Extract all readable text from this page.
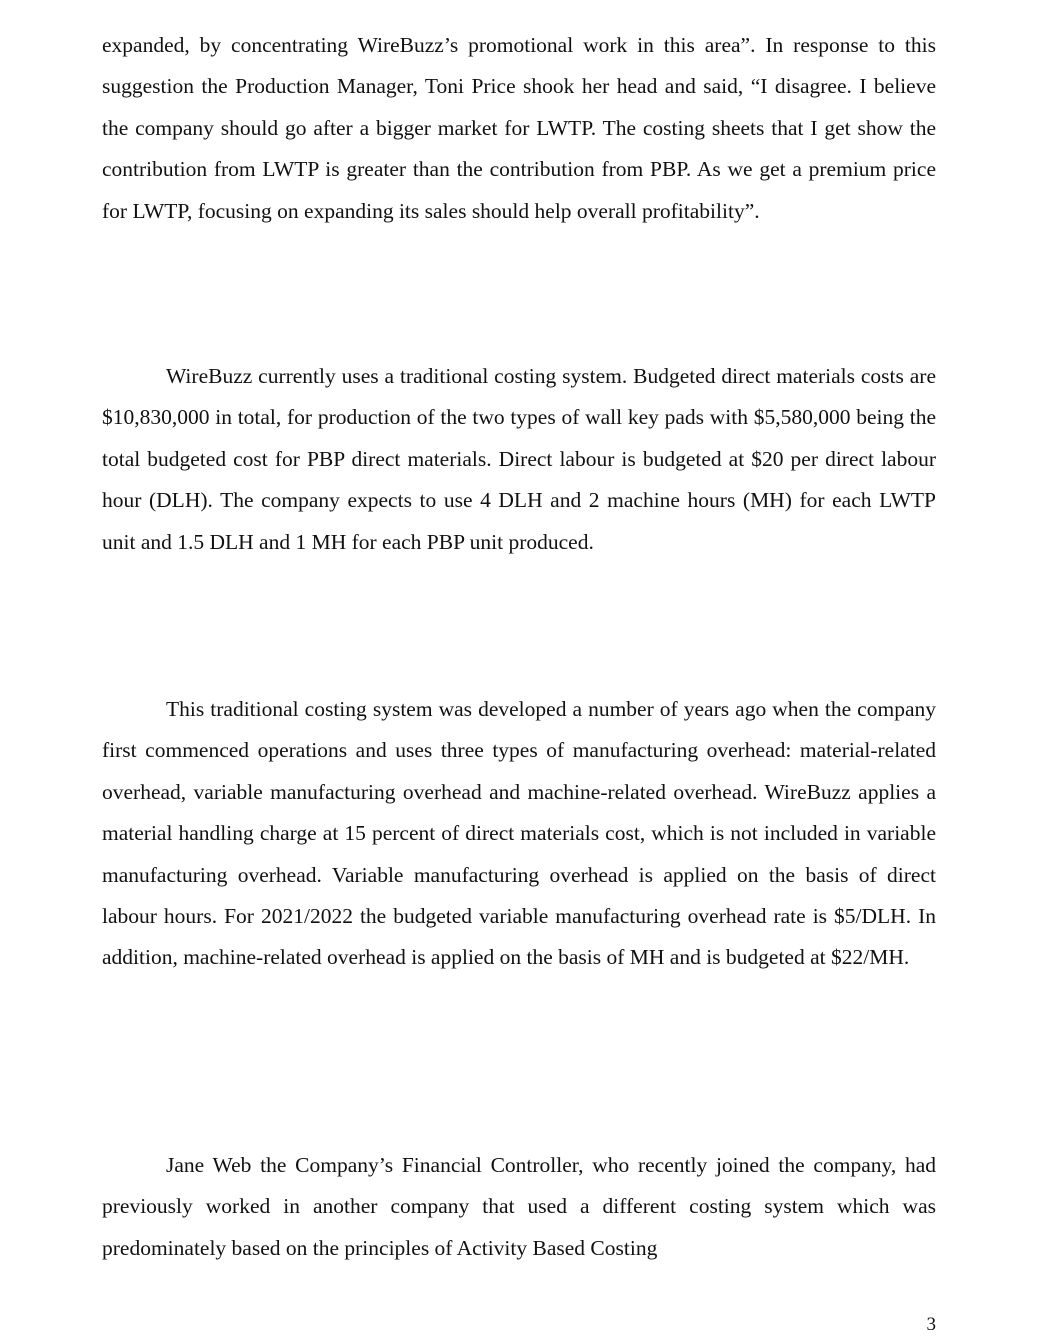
expanded, by concentrating WireBuzz’s promotional work in this area”. In response to this suggestion the Production Manager, Toni Price shook her head and said, “I disagree. I believe the company should go after a bigger market for LWTP. The costing sheets that I get show the contribution from LWTP is greater than the contribution from PBP. As we get a premium price for LWTP, focusing on expanding its sales should help overall profitability”.

WireBuzz currently uses a traditional costing system. Budgeted direct materials costs are $10,830,000 in total, for production of the two types of wall key pads with $5,580,000 being the total budgeted cost for PBP direct materials. Direct labour is budgeted at $20 per direct labour hour (DLH). The company expects to use 4 DLH and 2 machine hours (MH) for each LWTP unit and 1.5 DLH and 1 MH for each PBP unit produced.

This traditional costing system was developed a number of years ago when the company first commenced operations and uses three types of manufacturing overhead: material-related overhead, variable manufacturing overhead and machine-related overhead. WireBuzz applies a material handling charge at 15 percent of direct materials cost, which is not included in variable manufacturing overhead. Variable manufacturing overhead is applied on the basis of direct labour hours. For 2021/2022 the budgeted variable manufacturing overhead rate is $5/DLH. In addition, machine-related overhead is applied on the basis of MH and is budgeted at $22/MH.

Jane Web the Company’s Financial Controller, who recently joined the company, had previously worked in another company that used a different costing system which was predominately based on the principles of Activity Based Costing

3
